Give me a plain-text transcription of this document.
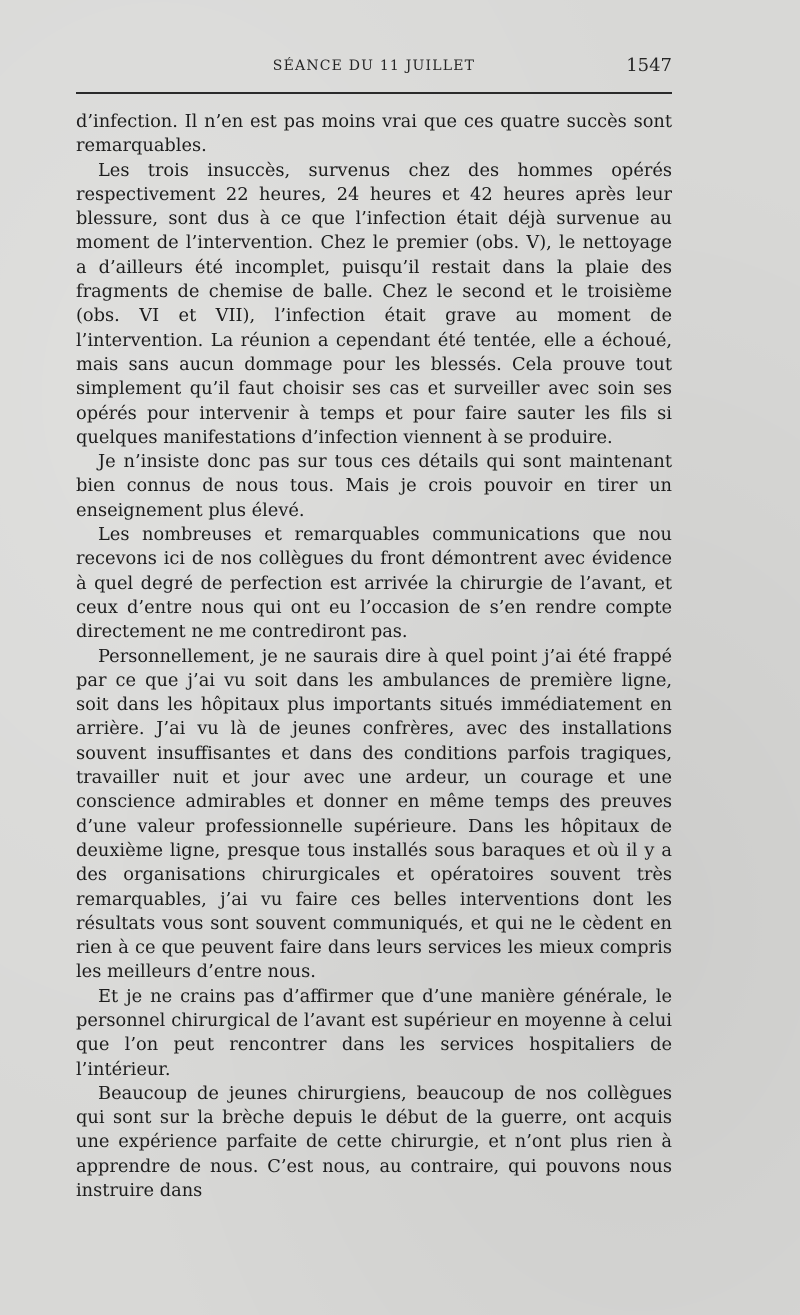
SÉANCE DU 11 JUILLET	1547

d’infection. Il n’en est pas moins vrai que ces quatre succès sont remarquables.

Les trois insuccès, survenus chez des hommes opérés respectivement 22 heures, 24 heures et 42 heures après leur blessure, sont dus à ce que l’infection était déjà survenue au moment de l’intervention. Chez le premier (obs. V), le nettoyage a d’ailleurs été incomplet, puisqu’il restait dans la plaie des fragments de chemise de balle. Chez le second et le troisième (obs. VI et VII), l’infection était grave au moment de l’intervention. La réunion a cependant été tentée, elle a échoué, mais sans aucun dommage pour les blessés. Cela prouve tout simplement qu’il faut choisir ses cas et surveiller avec soin ses opérés pour intervenir à temps et pour faire sauter les fils si quelques manifestations d’infection viennent à se produire.

Je n’insiste donc pas sur tous ces détails qui sont maintenant bien connus de nous tous. Mais je crois pouvoir en tirer un enseignement plus élevé.

Les nombreuses et remarquables communications que nou recevons ici de nos collègues du front démontrent avec évidence à quel degré de perfection est arrivée la chirurgie de l’avant, et ceux d’entre nous qui ont eu l’occasion de s’en rendre compte directement ne me contrediront pas.

Personnellement, je ne saurais dire à quel point j’ai été frappé par ce que j’ai vu soit dans les ambulances de première ligne, soit dans les hôpitaux plus importants situés immédiatement en arrière. J’ai vu là de jeunes confrères, avec des installations souvent insuffisantes et dans des conditions parfois tragiques, travailler nuit et jour avec une ardeur, un courage et une conscience admirables et donner en même temps des preuves d’une valeur professionnelle supérieure. Dans les hôpitaux de deuxième ligne, presque tous installés sous baraques et où il y a des organisations chirurgicales et opératoires souvent très remarquables, j’ai vu faire ces belles interventions dont les résultats vous sont souvent communiqués, et qui ne le cèdent en rien à ce que peuvent faire dans leurs services les mieux compris les meilleurs d’entre nous.

Et je ne crains pas d’affirmer que d’une manière générale, le personnel chirurgical de l’avant est supérieur en moyenne à celui que l’on peut rencontrer dans les services hospitaliers de l’intérieur.

Beaucoup de jeunes chirurgiens, beaucoup de nos collègues qui sont sur la brèche depuis le début de la guerre, ont acquis une expérience parfaite de cette chirurgie, et n’ont plus rien à apprendre de nous. C’est nous, au contraire, qui pouvons nous instruire dans
